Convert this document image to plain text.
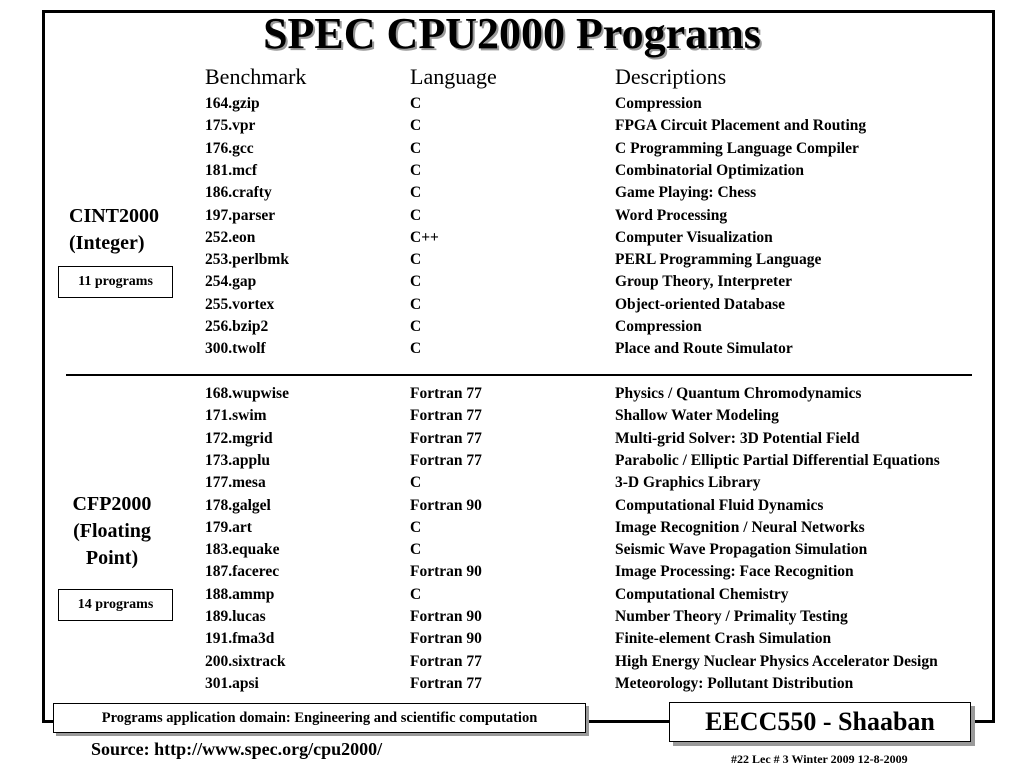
SPEC CPU2000 Programs
Benchmark	Language	Descriptions
CINT2000
(Integer)
11 programs
164.gzip	C	Compression
175.vpr	C	FPGA Circuit Placement and Routing
176.gcc	C	C Programming Language Compiler
181.mcf	C	Combinatorial Optimization
186.crafty	C	Game Playing: Chess
197.parser	C	Word Processing
252.eon	C++	Computer Visualization
253.perlbmk	C	PERL Programming Language
254.gap	C	Group Theory, Interpreter
255.vortex	C	Object-oriented Database
256.bzip2	C	Compression
300.twolf	C	Place and Route Simulator
CFP2000
(Floating
Point)
14 programs
168.wupwise	Fortran 77	Physics / Quantum Chromodynamics
171.swim	Fortran 77	Shallow Water Modeling
172.mgrid	Fortran 77	Multi-grid Solver: 3D Potential Field
173.applu	Fortran 77	Parabolic / Elliptic Partial Differential Equations
177.mesa	C	3-D Graphics Library
178.galgel	Fortran 90	Computational Fluid Dynamics
179.art	C	Image Recognition / Neural Networks
183.equake	C	Seismic Wave Propagation Simulation
187.facerec	Fortran 90	Image Processing: Face Recognition
188.ammp	C	Computational Chemistry
189.lucas	Fortran 90	Number Theory / Primality Testing
191.fma3d	Fortran 90	Finite-element Crash Simulation
200.sixtrack	Fortran 77	High Energy Nuclear Physics Accelerator Design
301.apsi	Fortran 77	Meteorology: Pollutant Distribution
Programs application domain: Engineering and scientific computation	EECC550 - Shaaban
Source: http://www.spec.org/cpu2000/	#22 Lec # 3 Winter 2009 12-8-2009
